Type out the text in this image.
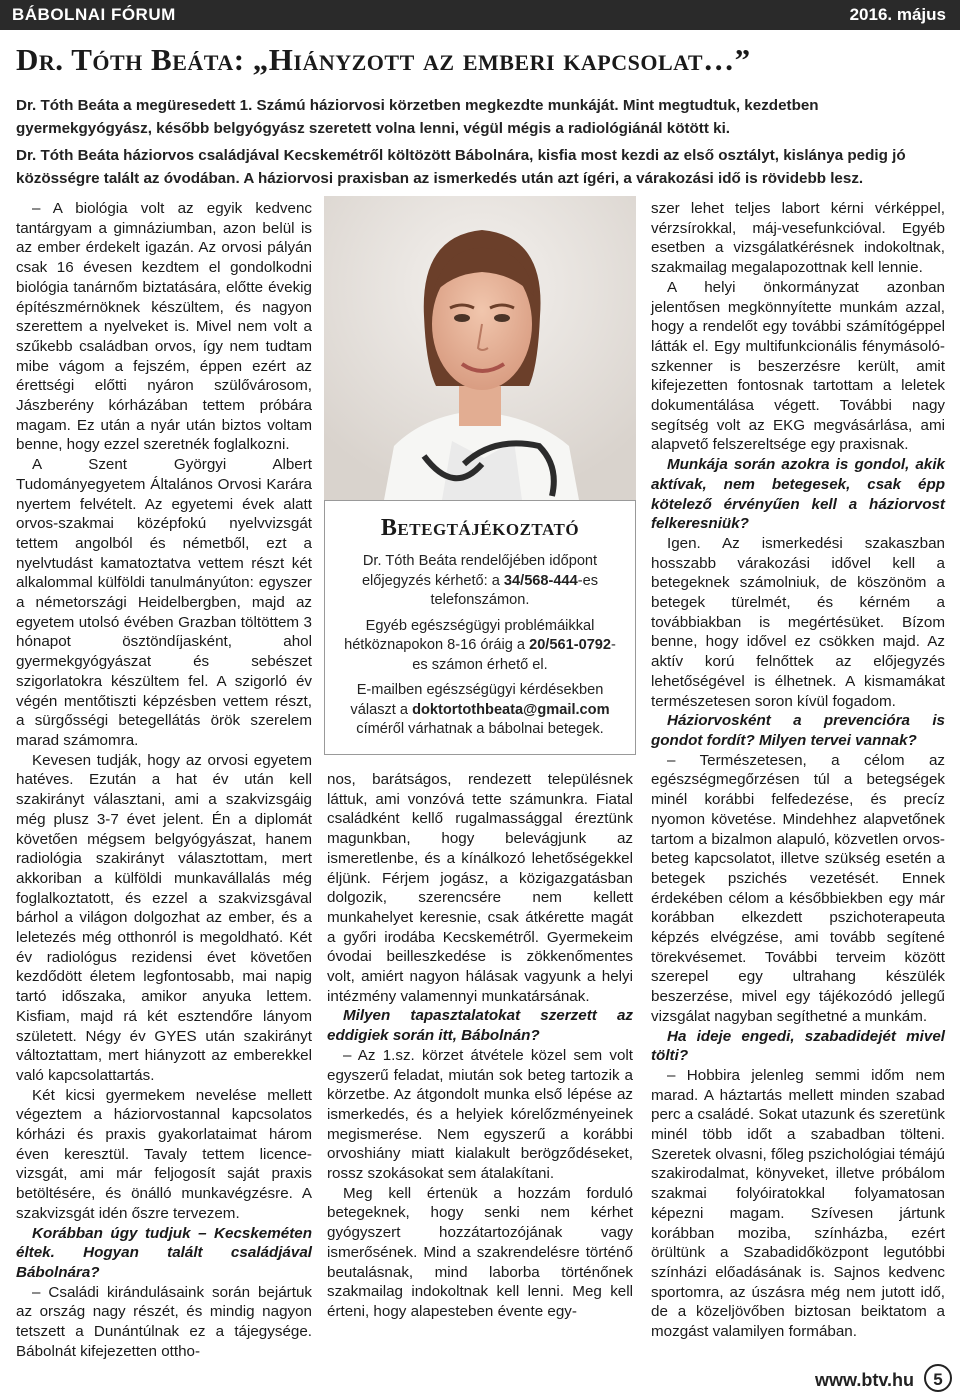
BÁBOLNAI FÓRUM	2016. május
Dr. Tóth Beáta: „Hiányzott az emberi kapcsolat…”

Dr. Tóth Beáta a megüresedett 1. Számú háziorvosi körzetben megkezdte munkáját. Mint megtudtuk, kezdetben gyermekgyógyász, később belgyógyász szeretett volna lenni, végül mégis a radiológiánál kötött ki.

Dr. Tóth Beáta háziorvos családjával Kecskemétről költözött Bábolnára, kisfia most kezdi az első osztályt, kislánya pedig jó közösségre talált az óvodában. A háziorvosi praxisban az ismerkedés után azt ígéri, a várakozási idő is rövidebb lesz.

– A biológia volt az egyik kedvenc tantárgyam a gimnáziumban, azon belül is az ember érdekelt igazán. Az orvosi pályán csak 16 évesen kezdtem el gondolkodni biológia tanárnőm biztatására, előtte évekig építészmérnöknek készültem, és nagyon szerettem a nyelveket is. Mivel nem volt a szűkebb családban orvos, így nem tudtam mibe vágom a fejszém, éppen ezért az érettségi előtti nyáron szülővárosom, Jászberény kórházában tettem próbára magam. Ez után a nyár után biztos voltam benne, hogy ezzel szeretnék foglalkozni.

A Szent Györgyi Albert Tudományegyetem Általános Orvosi Karára nyertem felvételt. Az egyetemi évek alatt orvos-szakmai középfokú nyelvvizsgát tettem angolból és németből, ezt a nyelvtudást kamatoztatva vettem részt két alkalommal külföldi tanulmányúton: egyszer a németországi Heidelbergben, majd az egyetem utolsó évében Grazban töltöttem 3 hónapot ösztöndíjasként, ahol gyermekgyógyászat és sebészet szigorlatokra készültem fel. A szigorló év végén mentőtiszti képzésben vettem részt, a sürgősségi betegellátás örök szerelem marad számomra.

Kevesen tudják, hogy az orvosi egyetem hatéves. Ezután a hat év után kell szakirányt választani, ami a szakvizsgáig még plusz 3-7 évet jelent. Én a diplomát követően mégsem belgyógyászat, hanem radiológia szakirányt választottam, mert akkoriban a külföldi munkavállalás még foglalkoztatott, és ezzel a szakvizsgával bárhol a világon dolgozhat az ember, és a leletezés még otthonról is megoldható. Két év radiológus rezidensi évet követően kezdődött életem legfontosabb, mai napig tartó időszaka, amikor anyuka lettem. Kisfiam, majd rá két esztendőre lányom született. Négy év GYES után szakirányt változtattam, mert hiányzott az emberekkel való kapcsolattartás.

Két kicsi gyermekem nevelése mellett végeztem a háziorvostannal kapcsolatos kórházi és praxis gyakorlataimat három éven keresztül. Tavaly tettem licence-vizsgát, ami már feljogosít saját praxis betöltésére, és önálló munkavégzésre. A szakvizsgát idén őszre tervezem.

Korábban úgy tudjuk – Kecskeméten éltek. Hogyan talált családjával Bábolnára?

– Családi kirándulásaink során bejártuk az ország nagy részét, és mindig nagyon tetszett a Dunántúlnak ez a tájegysége. Bábolnát kifejezetten ottho-

Betegtájékoztató

Dr. Tóth Beáta rendelőjében időpont előjegyzés kérhető: a 34/568-444-es telefonszámon.

Egyéb egészségügyi problémáikkal hétköznapokon 8-16 óráig a 20/561-0792-es számon érhető el.

E-mailben egészségügyi kérdésekben választ a doktortothbeata@gmail.com címéről várhatnak a bábolnai betegek.

nos, barátságos, rendezett településnek láttuk, ami vonzóvá tette számunkra. Fiatal családként kellő rugalmassággal éreztünk magunkban, hogy belevágjunk az ismeretlenbe, és a kínálkozó lehetőségekkel éljünk. Férjem jogász, a közigazgatásban dolgozik, szerencsére nem kellett munkahelyet keresnie, csak átkérette magát a győri irodába Kecskemétről. Gyermekeim óvodai beilleszkedése is zökkenőmentes volt, amiért nagyon hálásak vagyunk a helyi intézmény valamennyi munkatársának.

Milyen tapasztalatokat szerzett az eddigiek során itt, Bábolnán?

– Az 1.sz. körzet átvétele közel sem volt egyszerű feladat, miután sok beteg tartozik a körzetbe. Az átgondolt munka első lépése az ismerkedés, és a helyiek kórelőzményeinek megismerése. Nem egyszerű a korábbi orvoshiány miatt kialakult berögződéseket, rossz szokásokat sem átalakítani.

Meg kell értenük a hozzám forduló betegeknek, hogy senki nem kérhet gyógyszert hozzátartozójának vagy ismerősének. Mind a szakrendelésre történő beutalásnak, mind laborba történőnek szakmailag indokoltnak kell lenni. Meg kell érteni, hogy alapesteben évente egy-

szer lehet teljes labort kérni vérképpel, vérzsírokkal, máj-vesefunkcióval. Egyéb esetben a vizsgálatkérésnek indokoltnak, szakmailag megalapozottnak kell lennie.

A helyi önkormányzat azonban jelentősen megkönnyítette munkám azzal, hogy a rendelőt egy további számítógéppel látták el. Egy multifunkcionális fénymásoló-szkenner is beszerzésre került, amit kifejezetten fontosnak tartottam a leletek dokumentálása végett. További nagy segítség volt az EKG megvásárlása, ami alapvető felszereltsége egy praxisnak.

Munkája során azokra is gondol, akik aktívak, nem betegesek, csak épp kötelező érvényűen kell a háziorvost felkeresniük?

Igen. Az ismerkedési szakaszban hosszabb várakozási idővel kell a betegeknek számolniuk, de köszönöm a betegek türelmét, és kérném a továbbiakban is megértésüket. Bízom benne, hogy idővel ez csökken majd. Az aktív korú felnőttek az előjegyzés lehetőségével is élhetnek. A kismamákat természetesen soron kívül fogadom.

Háziorvosként a prevencióra is gondot fordít? Milyen tervei vannak?

– Természetesen, a célom az egészségmegőrzésen túl a betegségek minél korábbi felfedezése, és precíz nyomon követése. Mindehhez alapvetőnek tartom a bizalmon alapuló, közvetlen orvos-beteg kapcsolatot, illetve szükség esetén a betegek pszichés vezetését. Ennek érdekében célom a későbbiekben egy már korábban elkezdett pszichoterapeuta képzés elvégzése, ami tovább segítené törekvésemet. További terveim között szerepel egy ultrahang készülék beszerzése, mivel egy tájékozódó jellegű vizsgálat nagyban segíthetné a munkám.

Ha ideje engedi, szabadidejét mivel tölti?

– Hobbira jelenleg semmi időm nem marad. A háztartás mellett minden szabad perc a családé. Sokat utazunk és szeretünk minél több időt a szabadban tölteni. Szeretek olvasni, főleg pszichológiai témájú szakirodalmat, könyveket, illetve próbálom szakmai folyóiratokkal folyamatosan képezni magam. Szívesen jártunk korábban moziba, színházba, ezért örültünk a Szabadidőközpont legutóbbi színházi előadásának is. Sajnos kedvenc sportomra, az úszásra még nem jutott idő, de a közeljövőben biztosan beiktatom a mozgást valamilyen formában.

www.btv.hu	5
